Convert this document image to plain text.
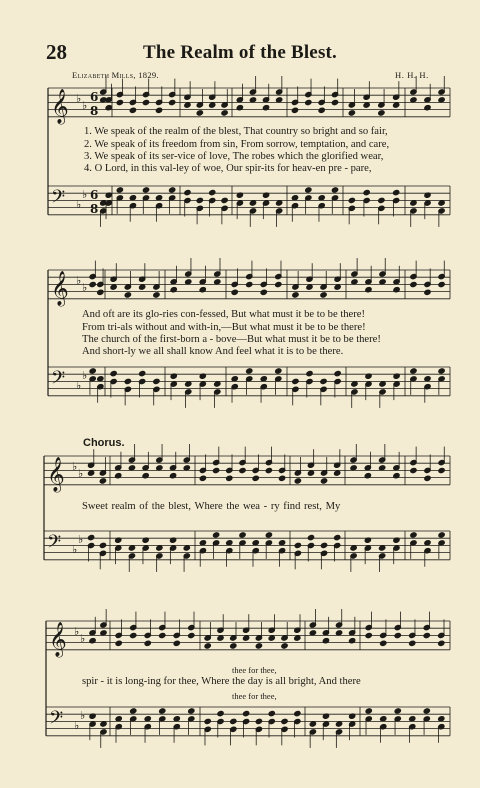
28	The Realm of the Blest.
Elizabeth Mills, 1829.	H. H. H.
𝄞 ♭
♭
6
8
𝄢 ♭
♭ 6
8
𝄞 ♭
♭
𝄢 ♭
♭
𝄞 ♭
♭
𝄢 ♭
♭
𝄞 ♭
♭
𝄢 ♭
♭
1. We speak of the realm of the blest, That country so bright and so fair,
2. We speak of its freedom from sin, From sorrow, temptation, and care,
3. We speak of its ser-vice of love, The robes which the glorified wear,
4. O Lord, in this val-ley of woe, Our spir-its for heav-en pre - pare,
And oft are its glo-ries con-fessed, But what must it be to be there!
From tri-als without and with-in,—But what must it be to be there!
The church of the first-born a - bove—But what must it be to be there!
And short-ly we all shall know And feel what it is to be there.
Chorus.
Sweet realm of the blest, Where the wea - ry find rest, My
thee for thee,
spir - it is long-ing for thee, Where the day is all bright, And there
thee for thee,
